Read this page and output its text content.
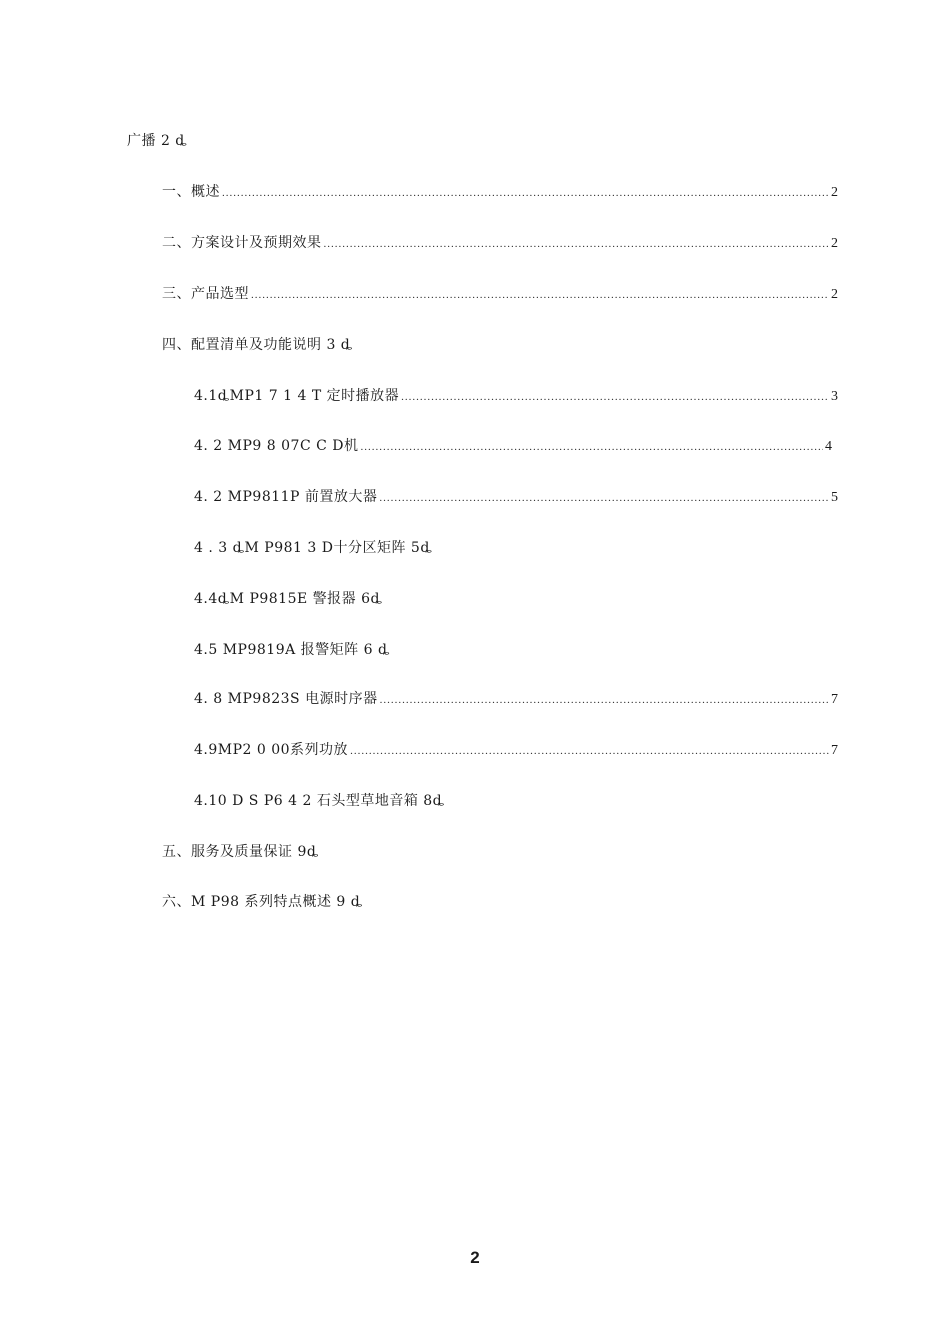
广播 2 ȡ
一、概述 .....	2
二、方案设计及预期效果 .....	2
三、产品选型 .....	2
四、配置清单及功能说明 3 ȡ
4.1ȡMP1 7 1 4 T 定时播放器 .....	3
4. 2 MP9 8 07C C D机 .....	4
4. 2 MP9811P 前置放大器 .....	5
4 . 3 ȡM P981 3 D十分区矩阵 5ȡ
4.4ȡM P9815E 警报器 6ȡ
4.5 MP9819A 报警矩阵 6 ȡ
4. 8 MP9823S 电源时序器 .....	7
4.9MP2 0 00系列功放 .....	7
4.10 D S P6 4 2 石头型草地音箱 8ȡ
五、服务及质量保证 9ȡ
六、M P98 系列特点概述 9 ȡ
2
